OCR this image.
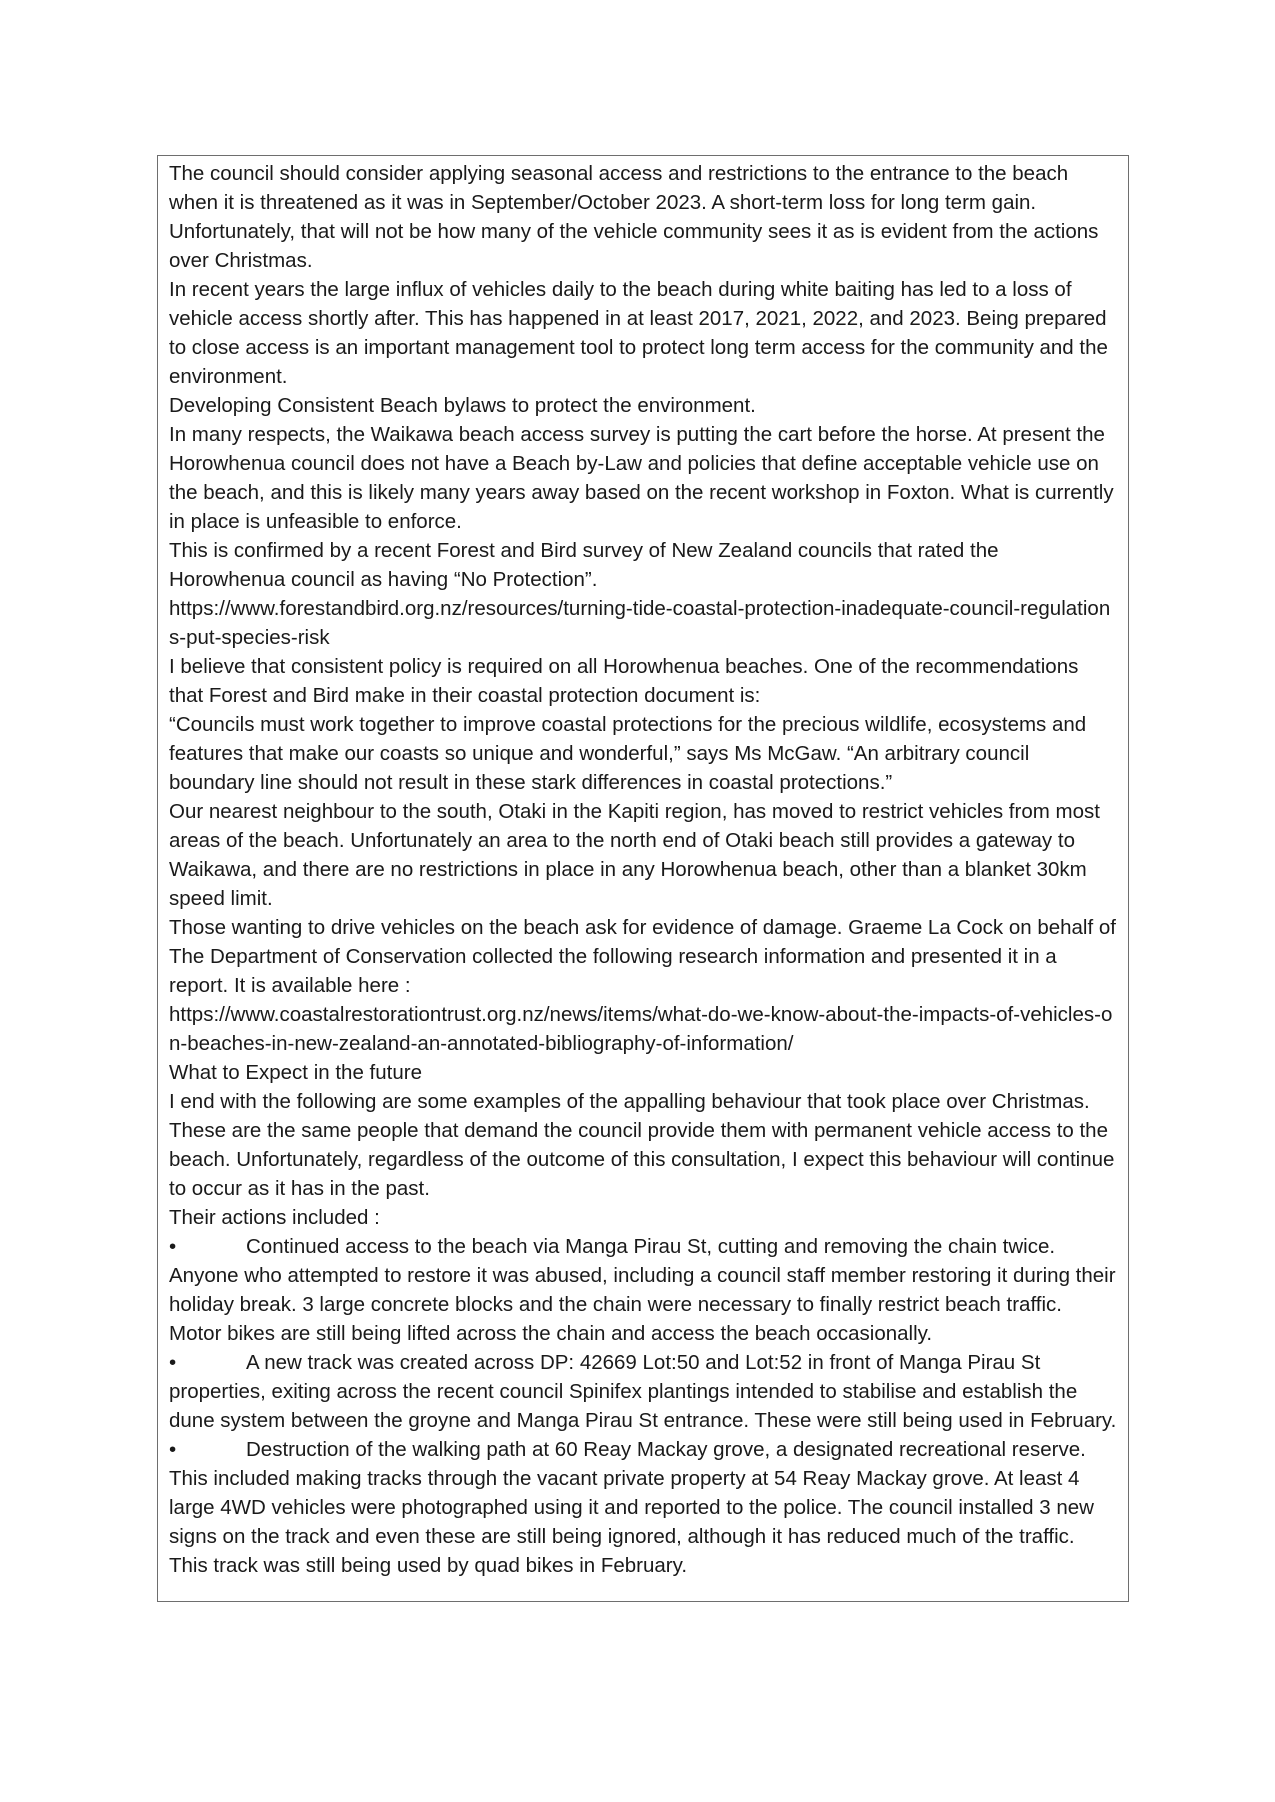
The council should consider applying seasonal access and restrictions to the entrance to the beach when it is threatened as it was in September/October 2023. A short-term loss for long term gain. Unfortunately, that will not be how many of the vehicle community sees it as is evident from the actions over Christmas.

In recent years the large influx of vehicles daily to the beach during white baiting has led to a loss of vehicle access shortly after. This has happened in at least 2017, 2021, 2022, and 2023. Being prepared to close access is an important management tool to protect long term access for the community and the environment.

Developing Consistent Beach bylaws to protect the environment.

In many respects, the Waikawa beach access survey is putting the cart before the horse. At present the Horowhenua council does not have a Beach by-Law and policies that define acceptable vehicle use on the beach, and this is likely many years away based on the recent workshop in Foxton. What is currently in place is unfeasible to enforce.

This is confirmed by a recent Forest and Bird survey of New Zealand councils that rated the Horowhenua council as having “No Protection”.

https://www.forestandbird.org.nz/resources/turning-tide-coastal-protection-inadequate-council-regulations-put-species-risk

I believe that consistent policy is required on all Horowhenua beaches. One of the recommendations that Forest and Bird make in their coastal protection document is:

“Councils must work together to improve coastal protections for the precious wildlife, ecosystems and features that make our coasts so unique and wonderful,” says Ms McGaw. “An arbitrary council boundary line should not result in these stark differences in coastal protections.”

Our nearest neighbour to the south, Otaki in the Kapiti region, has moved to restrict vehicles from most areas of the beach. Unfortunately an area to the north end of Otaki beach still provides a gateway to Waikawa, and there are no restrictions in place in any Horowhenua beach, other than a blanket 30km speed limit.

Those wanting to drive vehicles on the beach ask for evidence of damage. Graeme La Cock on behalf of The Department of Conservation collected the following research information and presented it in a report. It is available here :

https://www.coastalrestorationtrust.org.nz/news/items/what-do-we-know-about-the-impacts-of-vehicles-on-beaches-in-new-zealand-an-annotated-bibliography-of-information/

What to Expect in the future

I end with the following are some examples of the appalling behaviour that took place over Christmas. These are the same people that demand the council provide them with permanent vehicle access to the beach. Unfortunately, regardless of the outcome of this consultation, I expect this behaviour will continue to occur as it has in the past.

Their actions included :

•	Continued access to the beach via Manga Pirau St, cutting and removing the chain twice. Anyone who attempted to restore it was abused, including a council staff member restoring it during their holiday break. 3 large concrete blocks and the chain were necessary to finally restrict beach traffic. Motor bikes are still being lifted across the chain and access the beach occasionally.

•	A new track was created across DP: 42669 Lot:50 and Lot:52 in front of Manga Pirau St properties, exiting across the recent council Spinifex plantings intended to stabilise and establish the dune system between the groyne and Manga Pirau St entrance. These were still being used in February.

•	Destruction of the walking path at 60 Reay Mackay grove, a designated recreational reserve. This included making tracks through the vacant private property at 54 Reay Mackay grove. At least 4 large 4WD vehicles were photographed using it and reported to the police. The council installed 3 new signs on the track and even these are still being ignored, although it has reduced much of the traffic. This track was still being used by quad bikes in February.
